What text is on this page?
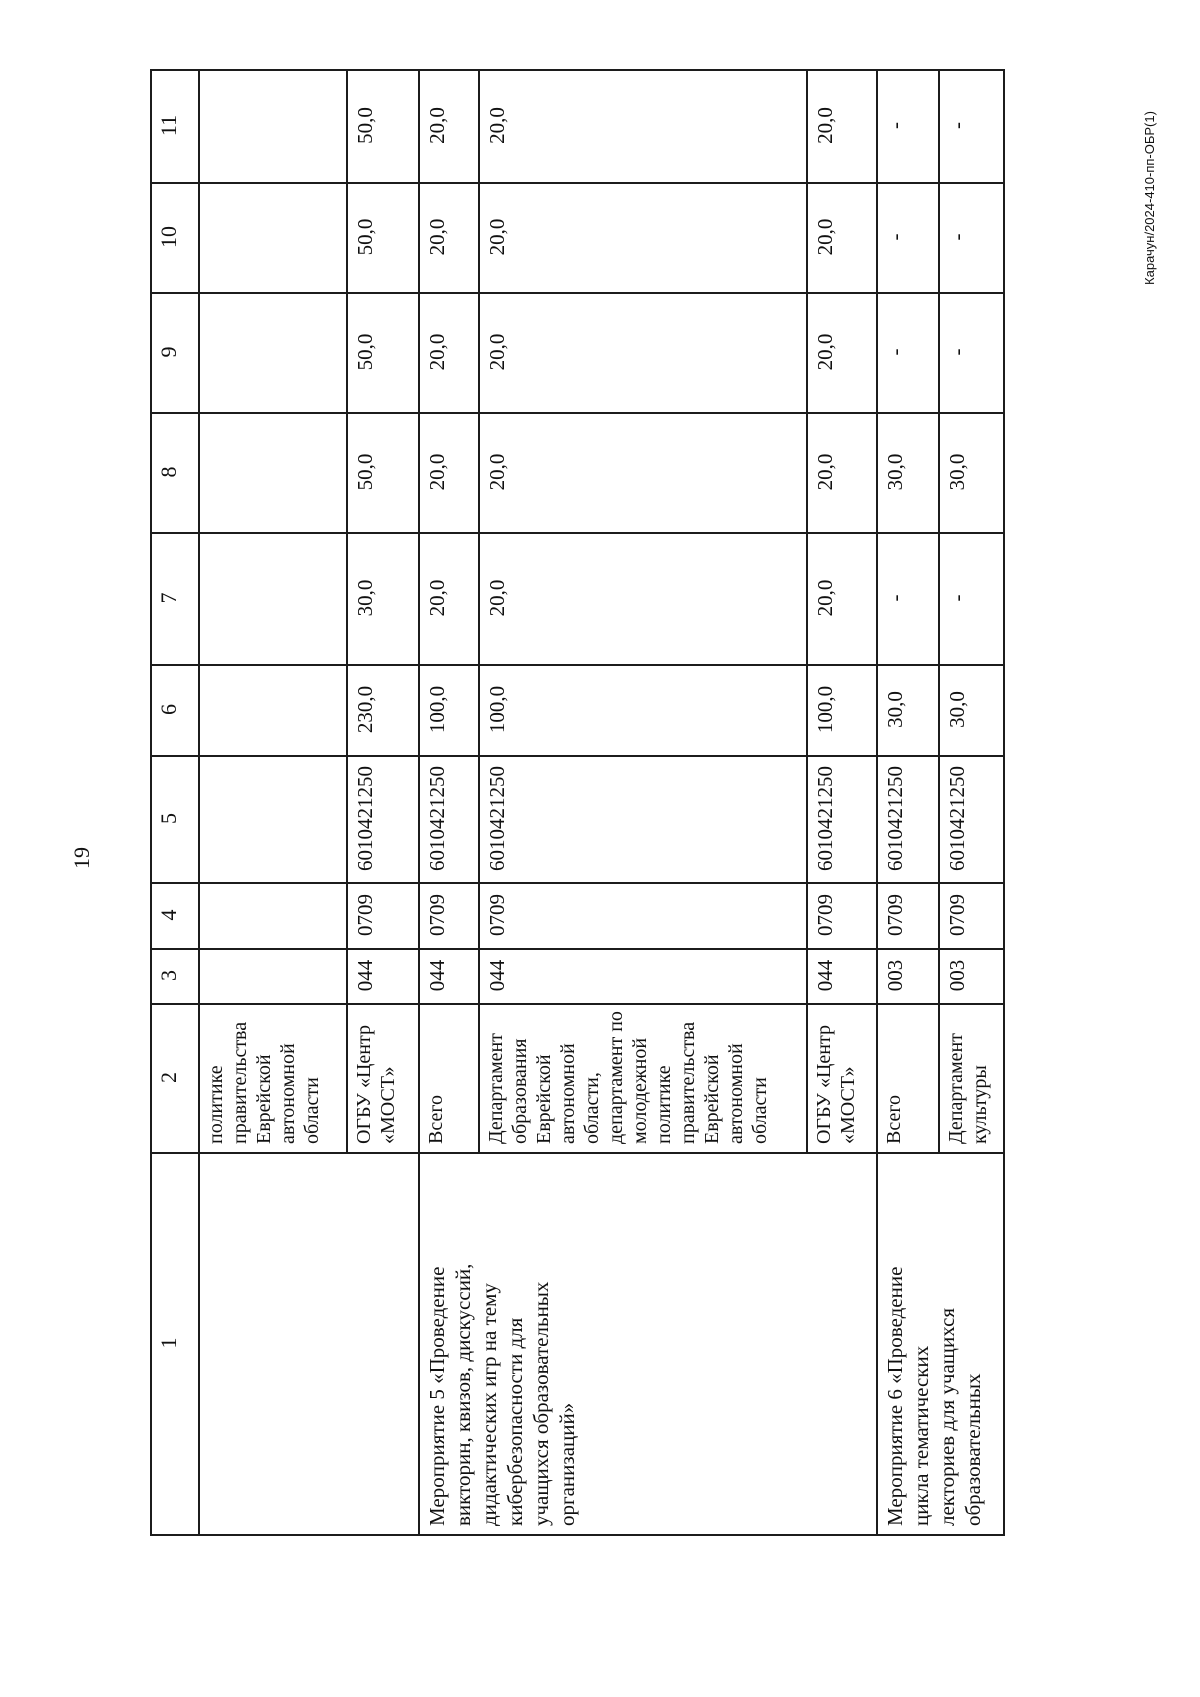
1
2
3
4
5
6
7
8
9
10
11
политике
правительства
Еврейской
автономной
области	ОГБУ «Центр
«МОСТ»
044
0709
6010421250
230,0
30,0
50,0
50,0
50,0
50,0
Мероприятие 5 «Проведение
викторин, квизов, дискуссий,
дидактических игр на тему
кибербезопасности для
учащихся образовательных
организаций»
Всего
044
0709
6010421250
100,0
20,0
20,0
20,0
20,0
20,0
Департамент
образования
Еврейской
автономной
области,
департамент по
молодежной
политике
правительства
Еврейской
автономной
области
044
0709
6010421250
100,0
20,0
20,0
20,0
20,0
20,0
ОГБУ «Центр
«МОСТ»
044
0709
6010421250
100,0
20,0
20,0
20,0
20,0
20,0
Мероприятие 6 «Проведение
цикла тематических
лекториев для учащихся
образовательных
Всего
003
0709
6010421250
30,0
-
30,0
-
-
-
Департамент
культуры
003
0709
6010421250
30,0
-
30,0
-
-
-
19
Карачун/2024-410-пп-ОБР(1)
